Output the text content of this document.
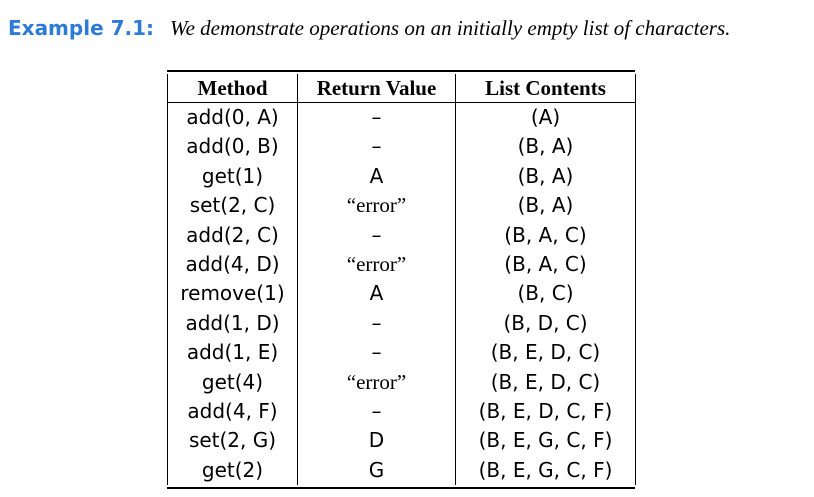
Example 7.1: We demonstrate operations on an initially empty list of characters.
Method	Return Value	List Contents
add(0, A)	–	(A)
add(0, B)	–	(B, A)
get(1)	A	(B, A)
set(2, C)	“error”	(B, A)
add(2, C)	–	(B, A, C)
add(4, D)	“error”	(B, A, C)
remove(1)	A	(B, C)
add(1, D)	–	(B, D, C)
add(1, E)	–	(B, E, D, C)
get(4)	“error”	(B, E, D, C)
add(4, F)	–	(B, E, D, C, F)
set(2, G)	D	(B, E, G, C, F)
get(2)	G	(B, E, G, C, F)
